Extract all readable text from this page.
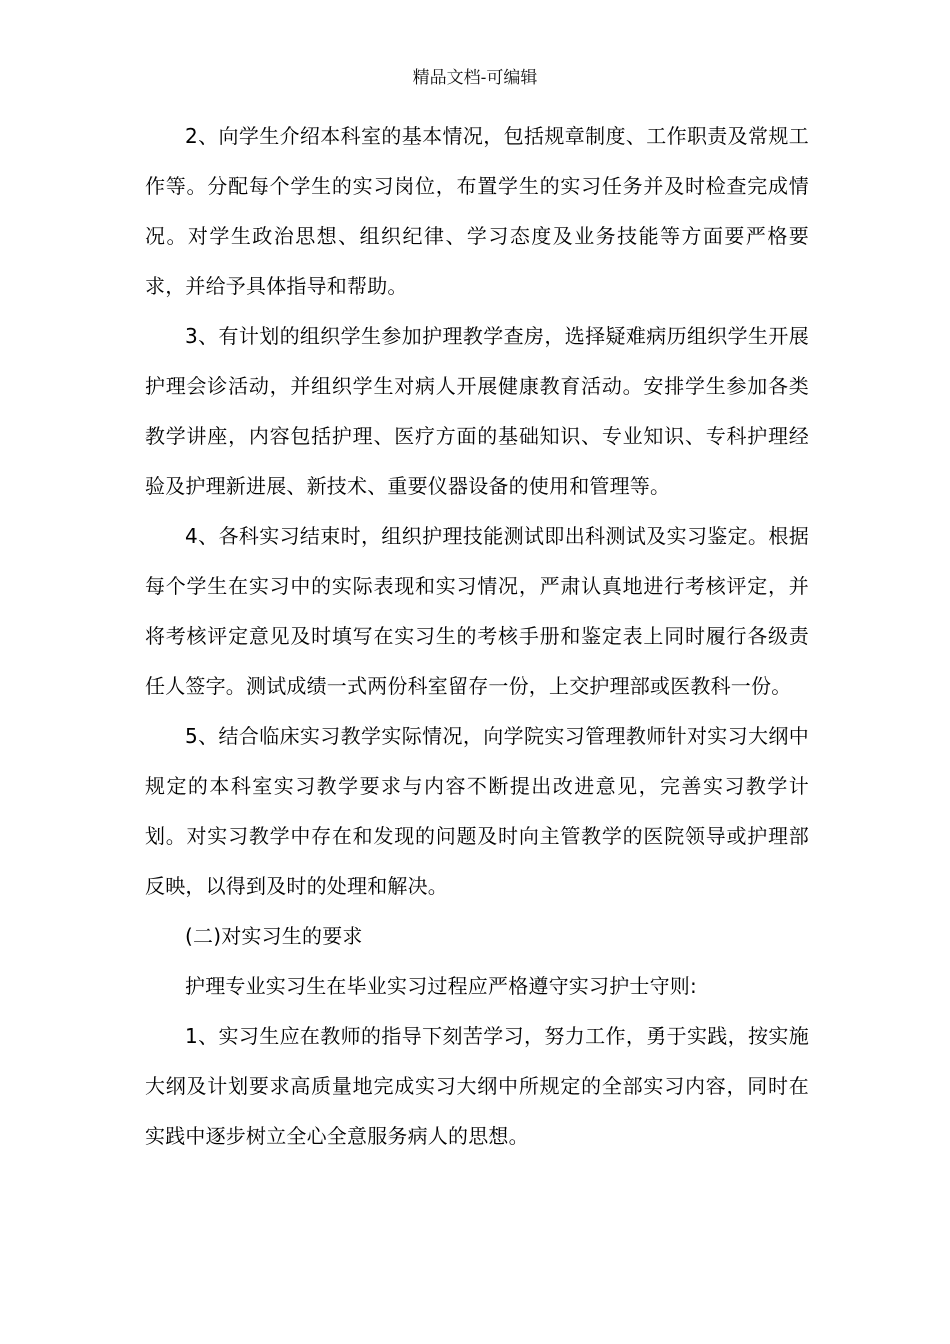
精品文档-可编辑

2、向学生介绍本科室的基本情况，包括规章制度、工作职责及常规工作等。分配每个学生的实习岗位，布置学生的实习任务并及时检查完成情况。对学生政治思想、组织纪律、学习态度及业务技能等方面要严格要求，并给予具体指导和帮助。

3、有计划的组织学生参加护理教学查房，选择疑难病历组织学生开展护理会诊活动，并组织学生对病人开展健康教育活动。安排学生参加各类教学讲座，内容包括护理、医疗方面的基础知识、专业知识、专科护理经验及护理新进展、新技术、重要仪器设备的使用和管理等。

4、各科实习结束时，组织护理技能测试即出科测试及实习鉴定。根据每个学生在实习中的实际表现和实习情况，严肃认真地进行考核评定，并将考核评定意见及时填写在实习生的考核手册和鉴定表上同时履行各级责任人签字。测试成绩一式两份科室留存一份，上交护理部或医教科一份。

5、结合临床实习教学实际情况，向学院实习管理教师针对实习大纲中规定的本科室实习教学要求与内容不断提出改进意见，完善实习教学计划。对实习教学中存在和发现的问题及时向主管教学的医院领导或护理部反映，以得到及时的处理和解决。

(二)对实习生的要求

护理专业实习生在毕业实习过程应严格遵守实习护士守则:

1、实习生应在教师的指导下刻苦学习，努力工作，勇于实践，按实施大纲及计划要求高质量地完成实习大纲中所规定的全部实习内容，同时在实践中逐步树立全心全意服务病人的思想。
